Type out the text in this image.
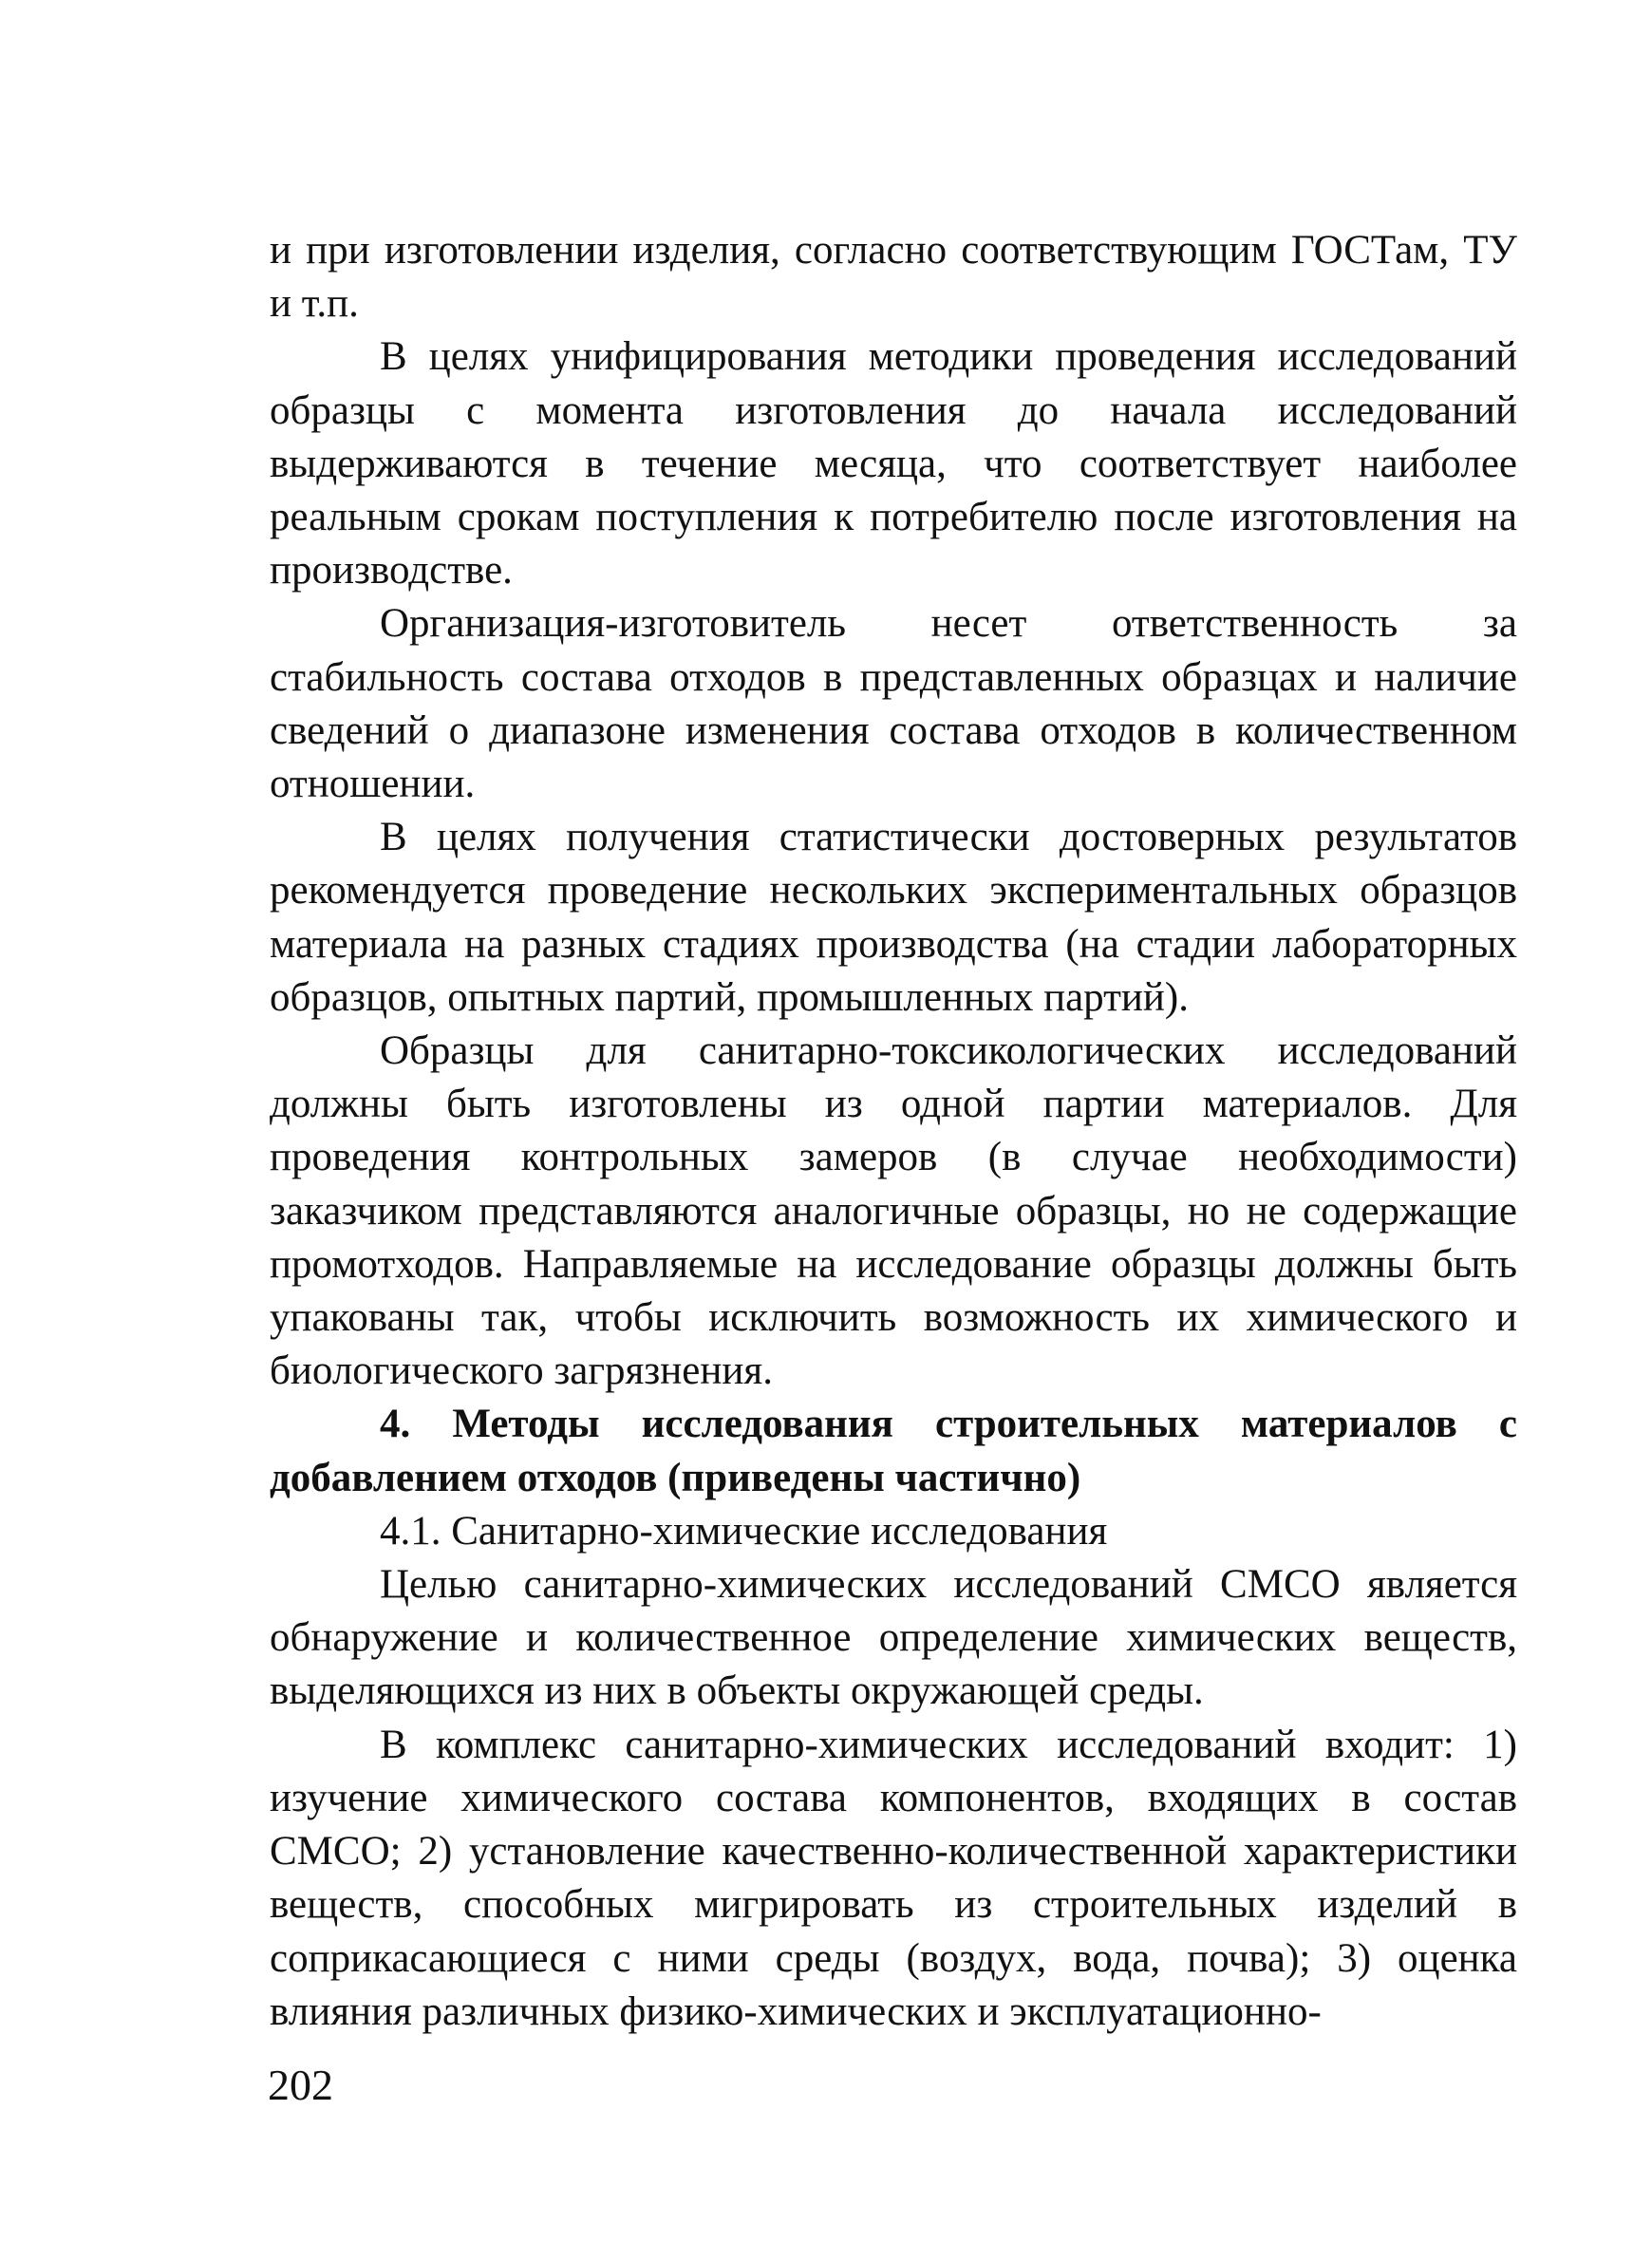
и при изготовлении изделия, согласно соответствующим ГОСТам, ТУ и т.п.

В целях унифицирования методики проведения исследований образцы с момента изготовления до начала исследований выдерживаются в течение месяца, что соответствует наиболее реальным срокам поступления к потребителю после изготовления на производстве.

Организация-изготовитель несет ответственность за стабильность состава отходов в представленных образцах и наличие сведений о диапазоне изменения состава отходов в количественном отношении.

В целях получения статистически достоверных результатов рекомендуется проведение нескольких экспериментальных образцов материала на разных стадиях производства (на стадии лабораторных образцов, опытных партий, промышленных партий).

Образцы для санитарно-токсикологических исследований должны быть изготовлены из одной партии материалов. Для проведения контрольных замеров (в случае необходимости) заказчиком представляются аналогичные образцы, но не содержащие промотходов. Направляемые на исследование образцы должны быть упакованы так, чтобы исключить возможность их химического и биологического загрязнения.

4. Методы исследования строительных материалов с добавлением отходов (приведены частично)

4.1. Санитарно-химические исследования

Целью санитарно-химических исследований СМСО является обнаружение и количественное определение химических веществ, выделяющихся из них в объекты окружающей среды.

В комплекс санитарно-химических исследований входит: 1) изучение химического состава компонентов, входящих в состав СМСО; 2) установление качественно-количественной характеристики веществ, способных мигрировать из строительных изделий в соприкасающиеся с ними среды (воздух, вода, почва); 3) оценка влияния различных физико-химических и эксплуатационно-

202
